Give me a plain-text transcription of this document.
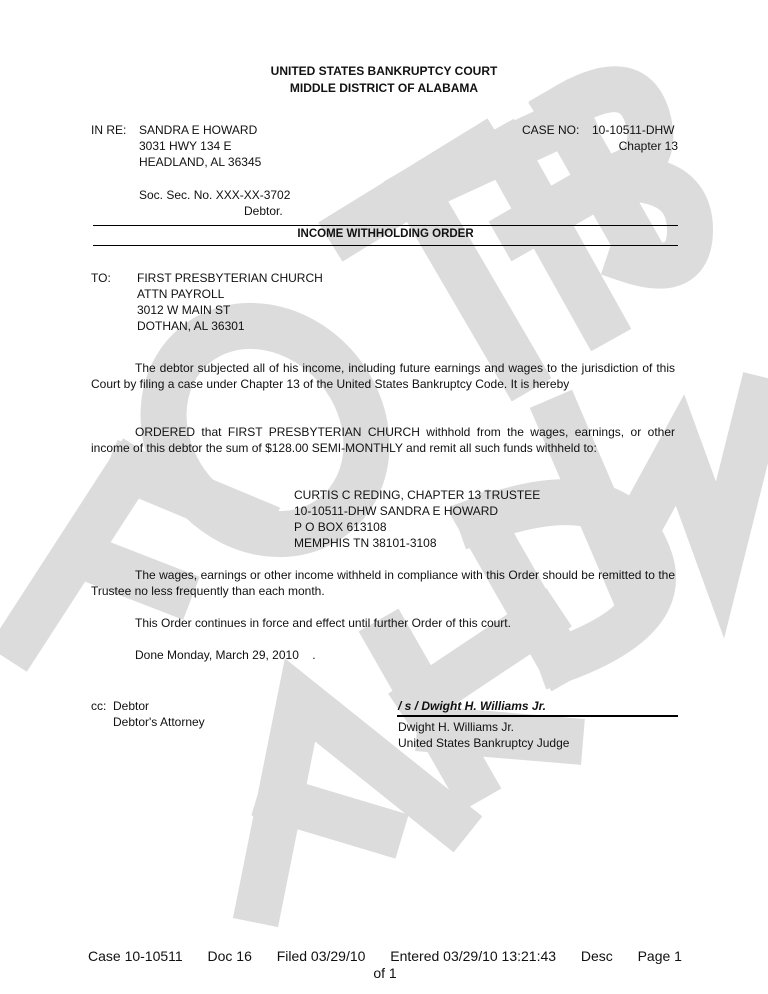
UNITED STATES BANKRUPTCY COURT
MIDDLE DISTRICT OF ALABAMA
IN RE: SANDRA E HOWARD
3031 HWY 134 E
HEADLAND, AL 36345
Soc. Sec. No. XXX-XX-3702
Debtor.
CASE NO: 10-10511-DHW
Chapter 13
INCOME WITHHOLDING ORDER
TO: FIRST PRESBYTERIAN CHURCH
ATTN PAYROLL
3012 W MAIN ST
DOTHAN, AL 36301
The debtor subjected all of his income, including future earnings and wages to the jurisdiction of this Court by filing a case under Chapter 13 of the United States Bankruptcy Code. It is hereby
ORDERED that FIRST PRESBYTERIAN CHURCH withhold from the wages, earnings, or other income of this debtor the sum of $128.00 SEMI-MONTHLY and remit all such funds withheld to:
CURTIS C REDING, CHAPTER 13 TRUSTEE
10-10511-DHW SANDRA E HOWARD
P O BOX 613108
MEMPHIS TN 38101-3108
The wages, earnings or other income withheld in compliance with this Order should be remitted to the Trustee no less frequently than each month.
This Order continues in force and effect until further Order of this court.
Done Monday, March 29, 2010    .
cc: Debtor
Debtor's Attorney
/ s / Dwight H. Williams Jr.
Dwight H. Williams Jr.
United States Bankruptcy Judge
Case 10-10511 Doc 16 Filed 03/29/10 Entered 03/29/10 13:21:43 Desc Page 1
of 1
